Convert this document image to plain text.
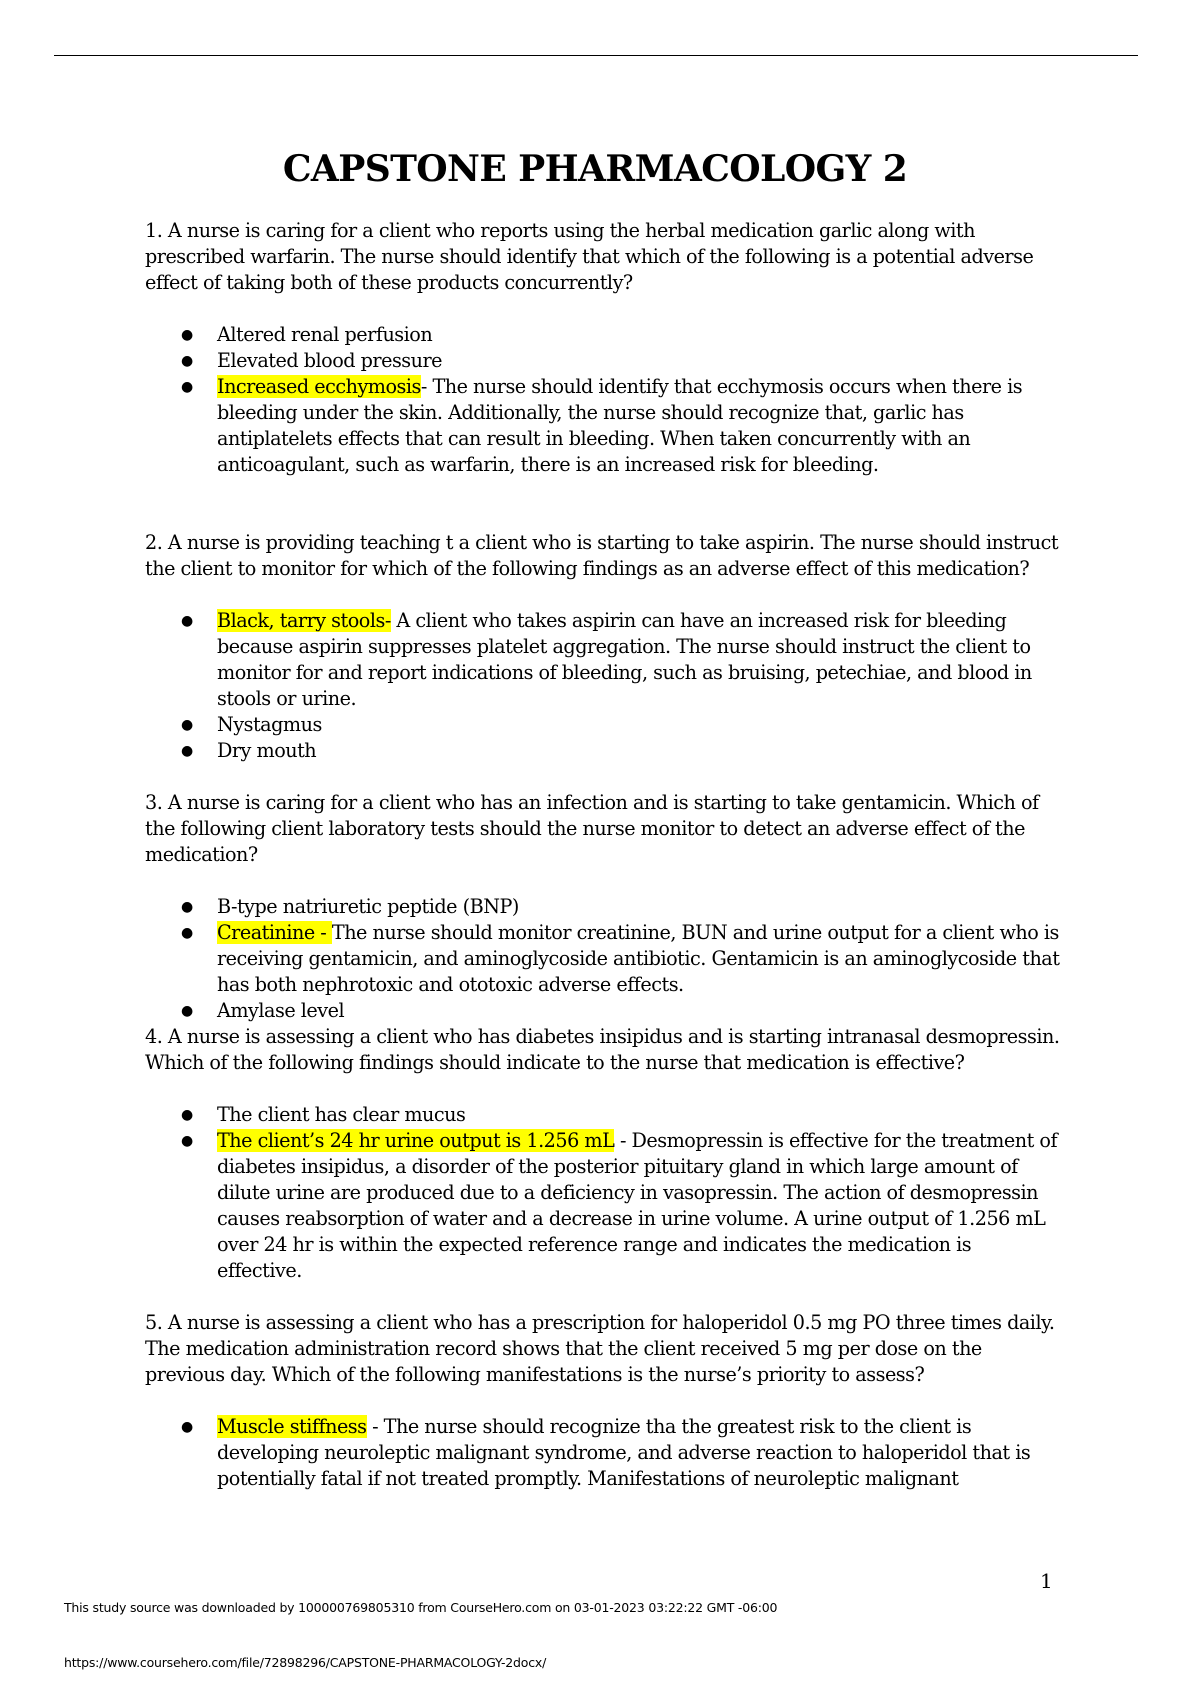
CAPSTONE PHARMACOLOGY 2

1. A nurse is caring for a client who reports using the herbal medication garlic along with prescribed warfarin. The nurse should identify that which of the following is a potential adverse effect of taking both of these products concurrently?

● Altered renal perfusion
● Elevated blood pressure
● Increased ecchymosis- The nurse should identify that ecchymosis occurs when there is bleeding under the skin. Additionally, the nurse should recognize that, garlic has antiplatelets effects that can result in bleeding. When taken concurrently with an anticoagulant, such as warfarin, there is an increased risk for bleeding.

2. A nurse is providing teaching t a client who is starting to take aspirin. The nurse should instruct the client to monitor for which of the following findings as an adverse effect of this medication?

● Black, tarry stools- A client who takes aspirin can have an increased risk for bleeding because aspirin suppresses platelet aggregation. The nurse should instruct the client to monitor for and report indications of bleeding, such as bruising, petechiae, and blood in stools or urine.
● Nystagmus
● Dry mouth

3. A nurse is caring for a client who has an infection and is starting to take gentamicin. Which of the following client laboratory tests should the nurse monitor to detect an adverse effect of the medication?

● B-type natriuretic peptide (BNP)
● Creatinine - The nurse should monitor creatinine, BUN and urine output for a client who is receiving gentamicin, and aminoglycoside antibiotic. Gentamicin is an aminoglycoside that has both nephrotoxic and ototoxic adverse effects.
● Amylase level

4. A nurse is assessing a client who has diabetes insipidus and is starting intranasal desmopressin. Which of the following findings should indicate to the nurse that medication is effective?

● The client has clear mucus
● The client’s 24 hr urine output is 1.256 mL - Desmopressin is effective for the treatment of diabetes insipidus, a disorder of the posterior pituitary gland in which large amount of dilute urine are produced due to a deficiency in vasopressin. The action of desmopressin causes reabsorption of water and a decrease in urine volume. A urine output of 1.256 mL over 24 hr is within the expected reference range and indicates the medication is effective.

5. A nurse is assessing a client who has a prescription for haloperidol 0.5 mg PO three times daily. The medication administration record shows that the client received 5 mg per dose on the previous day. Which of the following manifestations is the nurse’s priority to assess?

● Muscle stiffness - The nurse should recognize tha the greatest risk to the client is developing neuroleptic malignant syndrome, and adverse reaction to haloperidol that is potentially fatal if not treated promptly. Manifestations of neuroleptic malignant
1
This study source was downloaded by 100000769805310 from CourseHero.com on 03-01-2023 03:22:22 GMT -06:00
https://www.coursehero.com/file/72898296/CAPSTONE-PHARMACOLOGY-2docx/
